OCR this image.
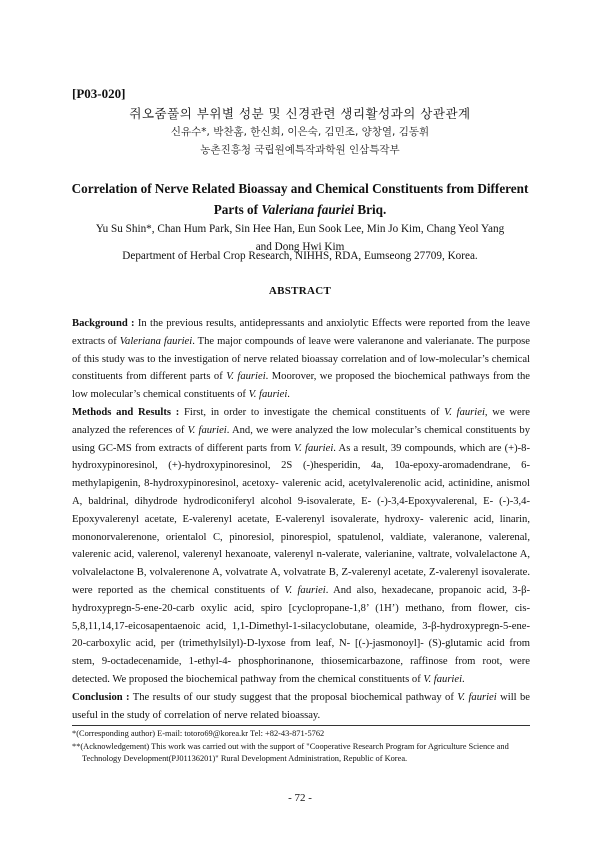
[P03-020]
쥐오줌풀의 부위별 성분 및 신경관련 생리활성과의 상관관계
신유수*, 박찬홈, 한신희, 이은숙, 김민조, 양창열, 김동휘
농촌진흥청 국립원예특작과학원 인삼특작부
Correlation of Nerve Related Bioassay and Chemical Constituents from Different
Parts of Valeriana fauriei Briq.
Yu Su Shin*, Chan Hum Park, Sin Hee Han, Eun Sook Lee, Min Jo Kim, Chang Yeol Yang
and Dong Hwi Kim
Department of Herbal Crop Research, NIHHS, RDA, Eumseong 27709, Korea.
ABSTRACT

Background : In the previous results, antidepressants and anxiolytic Effects were reported from the leave extracts of Valeriana fauriei. The major compounds of leave were valeranone and valerianate. The purpose of this study was to the investigation of nerve related bioassay correlation and of low-molecular’s chemical constituents from different parts of V. fauriei. Moorover, we proposed the biochemical pathways from the low molecular’s chemical constituents of V. fauriei.

Methods and Results : First, in order to investigate the chemical constituents of V. fauriei, we were analyzed the references of V. fauriei. And, we were analyzed the low molecular’s chemical constituents by using GC-MS from extracts of different parts from V. fauriei. As a result, 39 compounds, which are (+)-8-hydroxypinoresinol, (+)-hydroxypinoresinol, 2S (-)hesperidin, 4a, 10a-epoxy-aromadendrane, 6-methylapigenin, 8-hydroxypinoresinol, acetoxy- valerenic acid, acetylvalerenolic acid, actinidine, anismol A, baldrinal, dihydrode hydrodiconiferyl alcohol 9-isovalerate, E- (-)-3,4-Epoxyvalerenal, E- (-)-3,4-Epoxyvalerenyl acetate, E-valerenyl acetate, E-valerenyl isovalerate, hydroxy- valerenic acid, linarin, mononorvalerenone, orientalol C, pinoresiol, pinorespiol, spatulenol, valdiate, valeranone, valerenal, valerenic acid, valerenol, valerenyl hexanoate, valerenyl n-valerate, valerianine, valtrate, volvalelactone A, volvalelactone B, volvalerenone A, volvatrate A, volvatrate B, Z-valerenyl acetate, Z-valerenyl isovalerate. were reported as the chemical constituents of V. fauriei. And also, hexadecane, propanoic acid, 3-β-hydroxypregn-5-ene-20-carb oxylic acid, spiro [cyclopropane-1,8’ (1H’) methano, from flower, cis-5,8,11,14,17-eicosapentaenoic acid, 1,1-Dimethyl-1-silacyclobutane, oleamide, 3-β-hydroxypregn-5-ene-20-carboxylic acid, per (trimethylsilyl)-D-lyxose from leaf, N- [(-)-jasmonoyl]- (S)-glutamic acid from stem, 9-octadecenamide, 1-ethyl-4- phosphorinanone, thiosemicarbazone, raffinose from root, were detected. We proposed the biochemical pathway from the chemical constituents of V. fauriei.

Conclusion : The results of our study suggest that the proposal biochemical pathway of V. fauriei will be useful in the study of correlation of nerve related bioassay.

*(Corresponding author) E-mail: totoro69@korea.kr Tel: +82-43-871-5762

**(Acknowledgement) This work was carried out with the support of "Cooperative Research Program for Agriculture Science and Technology Development(PJ01136201)" Rural Development Administration, Republic of Korea.

- 72 -
